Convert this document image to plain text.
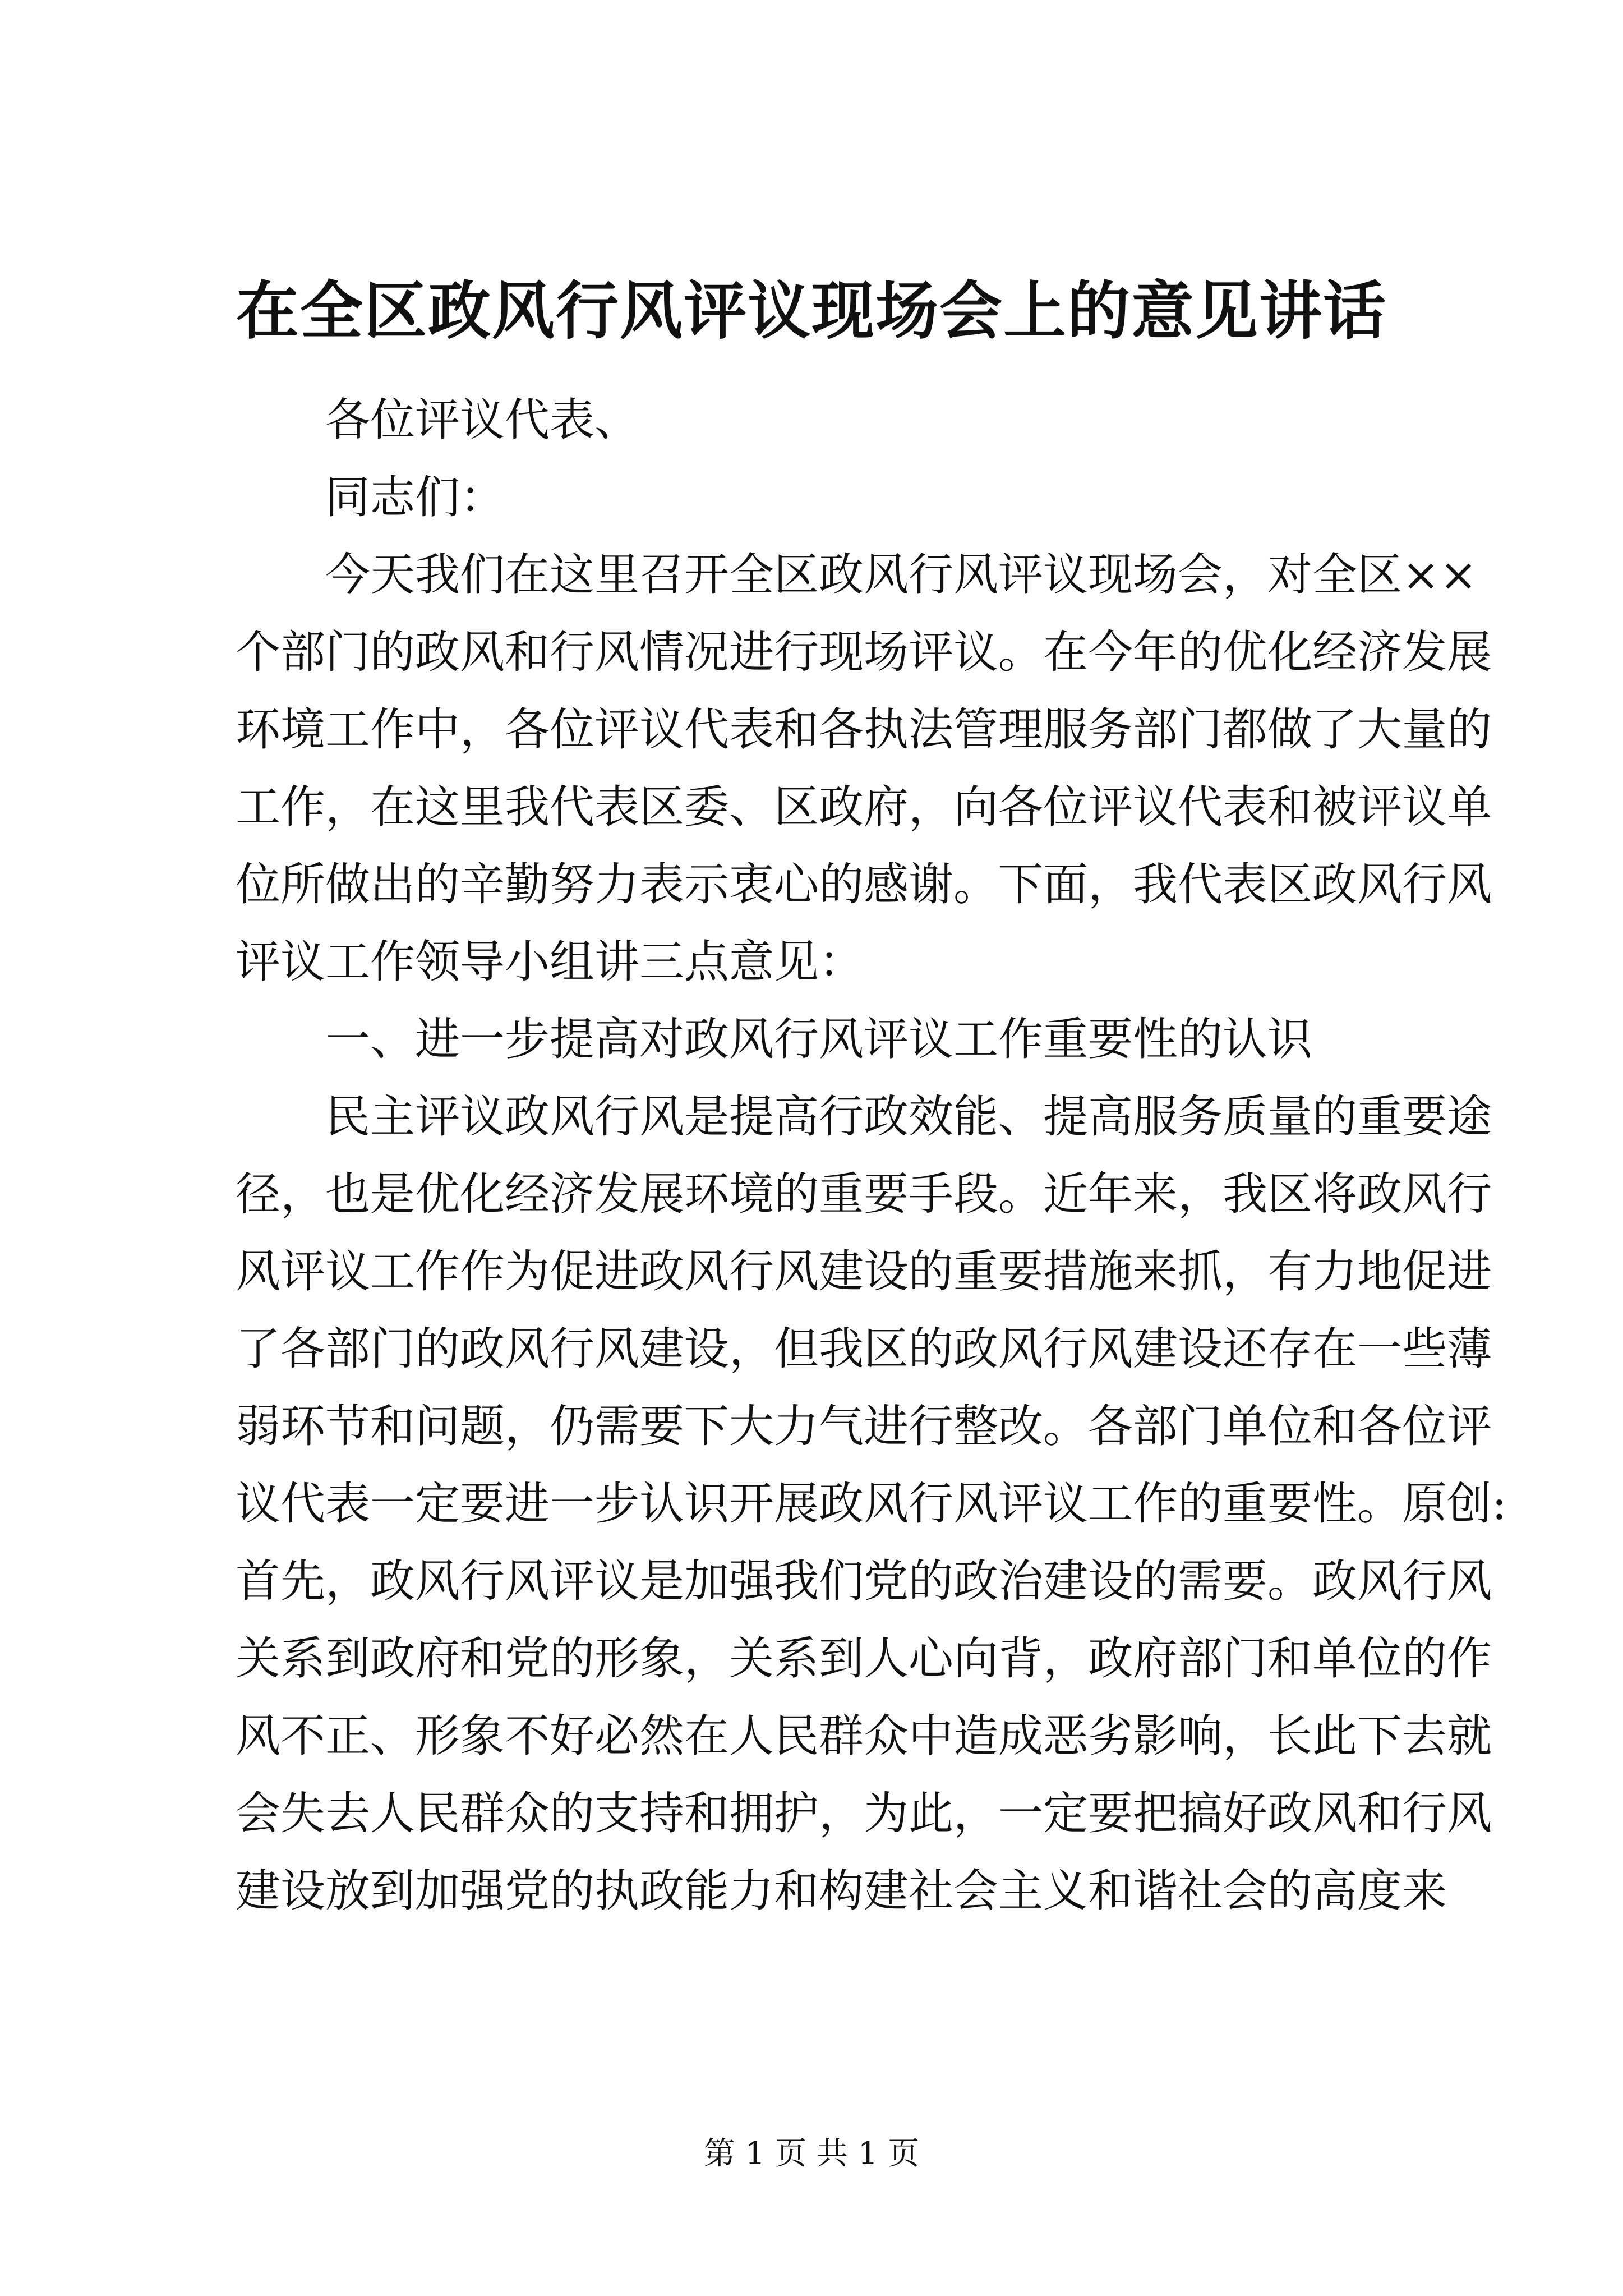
在全区政风行风评议现场会上的意见讲话
各位评议代表、
同志们：
今天我们在这里召开全区政风行风评议现场会，对全区××
个部门的政风和行风情况进行现场评议。在今年的优化经济发展
环境工作中，各位评议代表和各执法管理服务部门都做了大量的
工作，在这里我代表区委、区政府，向各位评议代表和被评议单
位所做出的辛勤努力表示衷心的感谢。下面，我代表区政风行风
评议工作领导小组讲三点意见：
一、进一步提高对政风行风评议工作重要性的认识
民主评议政风行风是提高行政效能、提高服务质量的重要途
径，也是优化经济发展环境的重要手段。近年来，我区将政风行
风评议工作作为促进政风行风建设的重要措施来抓，有力地促进
了各部门的政风行风建设，但我区的政风行风建设还存在一些薄
弱环节和问题，仍需要下大力气进行整改。各部门单位和各位评
议代表一定要进一步认识开展政风行风评议工作的重要性。原创:
首先，政风行风评议是加强我们党的政治建设的需要。政风行风
关系到政府和党的形象，关系到人心向背，政府部门和单位的作
风不正、形象不好必然在人民群众中造成恶劣影响，长此下去就
会失去人民群众的支持和拥护，为此，一定要把搞好政风和行风
建设放到加强党的执政能力和构建社会主义和谐社会的高度来
第 1 页 共 1 页
